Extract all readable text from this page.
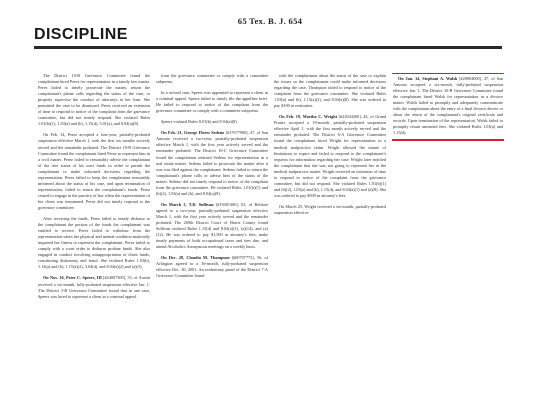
65 Tex. B. J. 654
DISCIPLINE

The District 10-B Grievance Committee found the complainant hired Perez for representation in a family law matter. Perez failed to timely prosecute the matter, return the complainant's phone calls regarding the status of the case, or properly supervise the conduct of attorneys in her firm. She permitted the case to be dismissed. Perez received an extension of time to respond to notice of the complaint from the grievance committee, but did not timely respond. She violated Rules 1.01(b)(1), 1.03(a) and (b), 1.15(d), 5.01(a), and 8.04(a)(8).

On Feb. 14, Perez accepted a four-year, partially-probated suspension effective March 1, with the first six months actively served and the remainder probated. The District 10-B Grievance Committee found the complainant hired Perez to represent him in a civil matter. Perez failed to reasonably advise the complainant of the true status of his trust funds in order to permit the complainant to make informed decisions regarding the representation. Perez failed to keep the complainant reasonably informed about the status of his case, and upon termination of representation, failed to return the complainant's funds. Perez ceased to engage in the practice of law when the representation of her client was terminated. Perez did not timely respond to the grievance committee.

After receiving the funds, Perez failed to timely disburse to the complainant the portion of the funds the complainant was entitled to receive. Perez failed to withdraw from the representation when her physical and mental condition materially impaired her fitness to represent the complainant. Perez failed to comply with a court order to disburse probate funds. She also engaged in conduct involving misappropriation of client funds, constituting dishonesty and fraud. She violated Rules 1.03(b), 1.14(a) and (b), 1.15(a)(2), 3.04(d), and 8.04(a)(2) and (a)(3).

On Nov. 16, Peter C. Speers, III [#24007300], 55, of Austin received a six-month, fully-probated suspension effective Jan. 1. The District 3-B Grievance Committee found that in one case, Speers was hired to represent a client in a criminal appeal.

from the grievance committee or comply with a committee subpoena.

In a second case, Speers was appointed to represent a client in a criminal appeal. Speers failed to timely file the appellate brief. He failed to respond to notice of the complaint from the grievance committee or comply with a committee subpoena.

Speers violated Rules 8.01(b) and 8.04(a)(8).

On Feb. 21, George Flores Sedeno [#17677900], 47, of San Antonio received a two-year, partially-probated suspension effective March 1, with the first year actively served and the remainder probated. The District 10-C Grievance Committee found the complainant retained Sedeno for representation in a real estate matter. Sedeno failed to prosecute the matter after it was was filed against the complainant. Sedeno failed to return the complainant's phone calls or advise him of the status of the matter. Sedeno did not timely respond to notice of the complaint from the grievance committee. He violated Rules 1.01(b)(1) and (b)(2), 1.03(a) and (b), and 8.04(a)(8).

On March 3, T.D. Sullivan [#19491300], 63, of Bellaire agreed to a two-year, partially-probated suspension effective March 1, with the first year actively served and the remainder probated. The 269th District Court of Harris County found Sullivan violated Rules 1.15(d) and 8.04(a)(1), (a)(14), and (a)(12). He was ordered to pay $1,500 in attorney's fees, make timely payments of both occupational taxes and fees due, and attend Alcoholics Anonymous meetings on a weekly basis.

On Dec. 28, Claudia M. Thompson [#00797773], 56, of Arlington agreed to a 36-month, fully-probated suspension effective Dec. 30, 2001. An evidentiary panel of the District 7-A Grievance Committee found

with the complainants about the status of the case or explain the issues so the complainants could make informed decisions regarding the case. Thompson failed to respond to notice of the complaint from the grievance committee. She violated Rules 1.03(a) and (b), 1.15(a)(2), and 8.04(a)(8). She was ordered to pay $100 in restitution.

On Feb. 19, Martha C. Wright [#22044300], 44, of Grand Prairie accepted a 19-month, partially-probated suspension effective April 1, with the first month actively served and the remainder probated. The District 6-A Grievance Committee found the complainant hired Wright for representation in a medical malpractice claim. Wright allowed the statute of limitations to expire and failed to respond to the complainant's requests for information regarding her case. Wright later notified the complainant that she was not going to represent her in the medical malpractice matter. Wright received an extension of time to respond to notice of the complaint from the grievance committee, but did not respond. She violated Rules 1.01(b)(1) and (b)(2), 1.03(a) and (b), 1.15(d), and 8.04(a)(1) and (a)(8). She was ordered to pay $500 in attorney's fees.

On March 25, Wright received a six-month, partially-probated suspension effective

On Jan. 14, Stephani A. Walsh [#20804000], 47, of San Antonio accepted a six-month, fully-probated suspension effective Jan. 1. The District 10-B Grievance Committee found the complainant hired Walsh for representation in a divorce matter. Walsh failed to promptly and adequately communicate with the complainant about the entry of a final divorce decree or about the return of the complainant's original certificate and records. Upon termination of the representation, Walsh failed to promptly return unearned fees. She violated Rules 1.03(a) and 1.15(d).
